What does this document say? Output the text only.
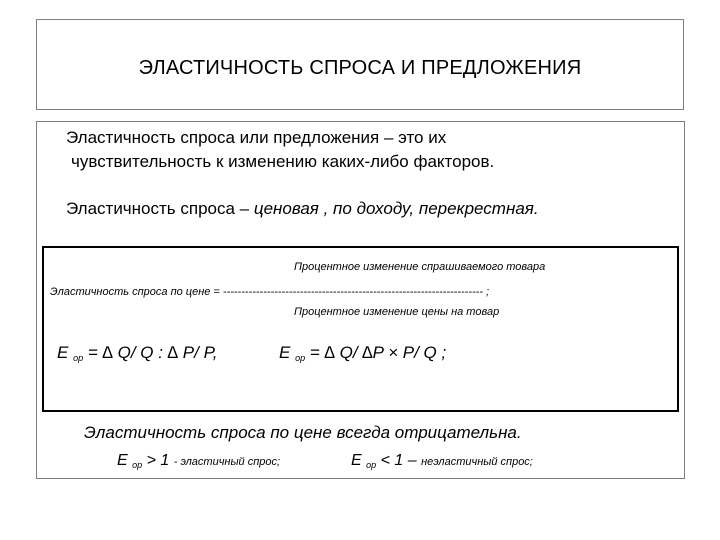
ЭЛАСТИЧНОСТЬ СПРОСА И ПРЕДЛОЖЕНИЯ
Эластичность спроса или предложения – это их
чувствительность к изменению каких-либо факторов.
Эластичность спроса – ценовая , по доходу, перекрестная.
Процентное изменение спрашиваемого товара
Эластичность спроса по цене = ----------------------------------------------------------------------- ;
Процентное изменение цены на товар
E $_{ор}$ = ∆ Q/ Q : ∆ P/ P,	E $_{ор}$ = ∆ Q/ ∆P × P/ Q ;
Эластичность спроса по цене всегда отрицательна.
E $_{ор}$ > 1 - эластичный спрос;	E $_{ор}$ < 1 – неэластичный спрос;
